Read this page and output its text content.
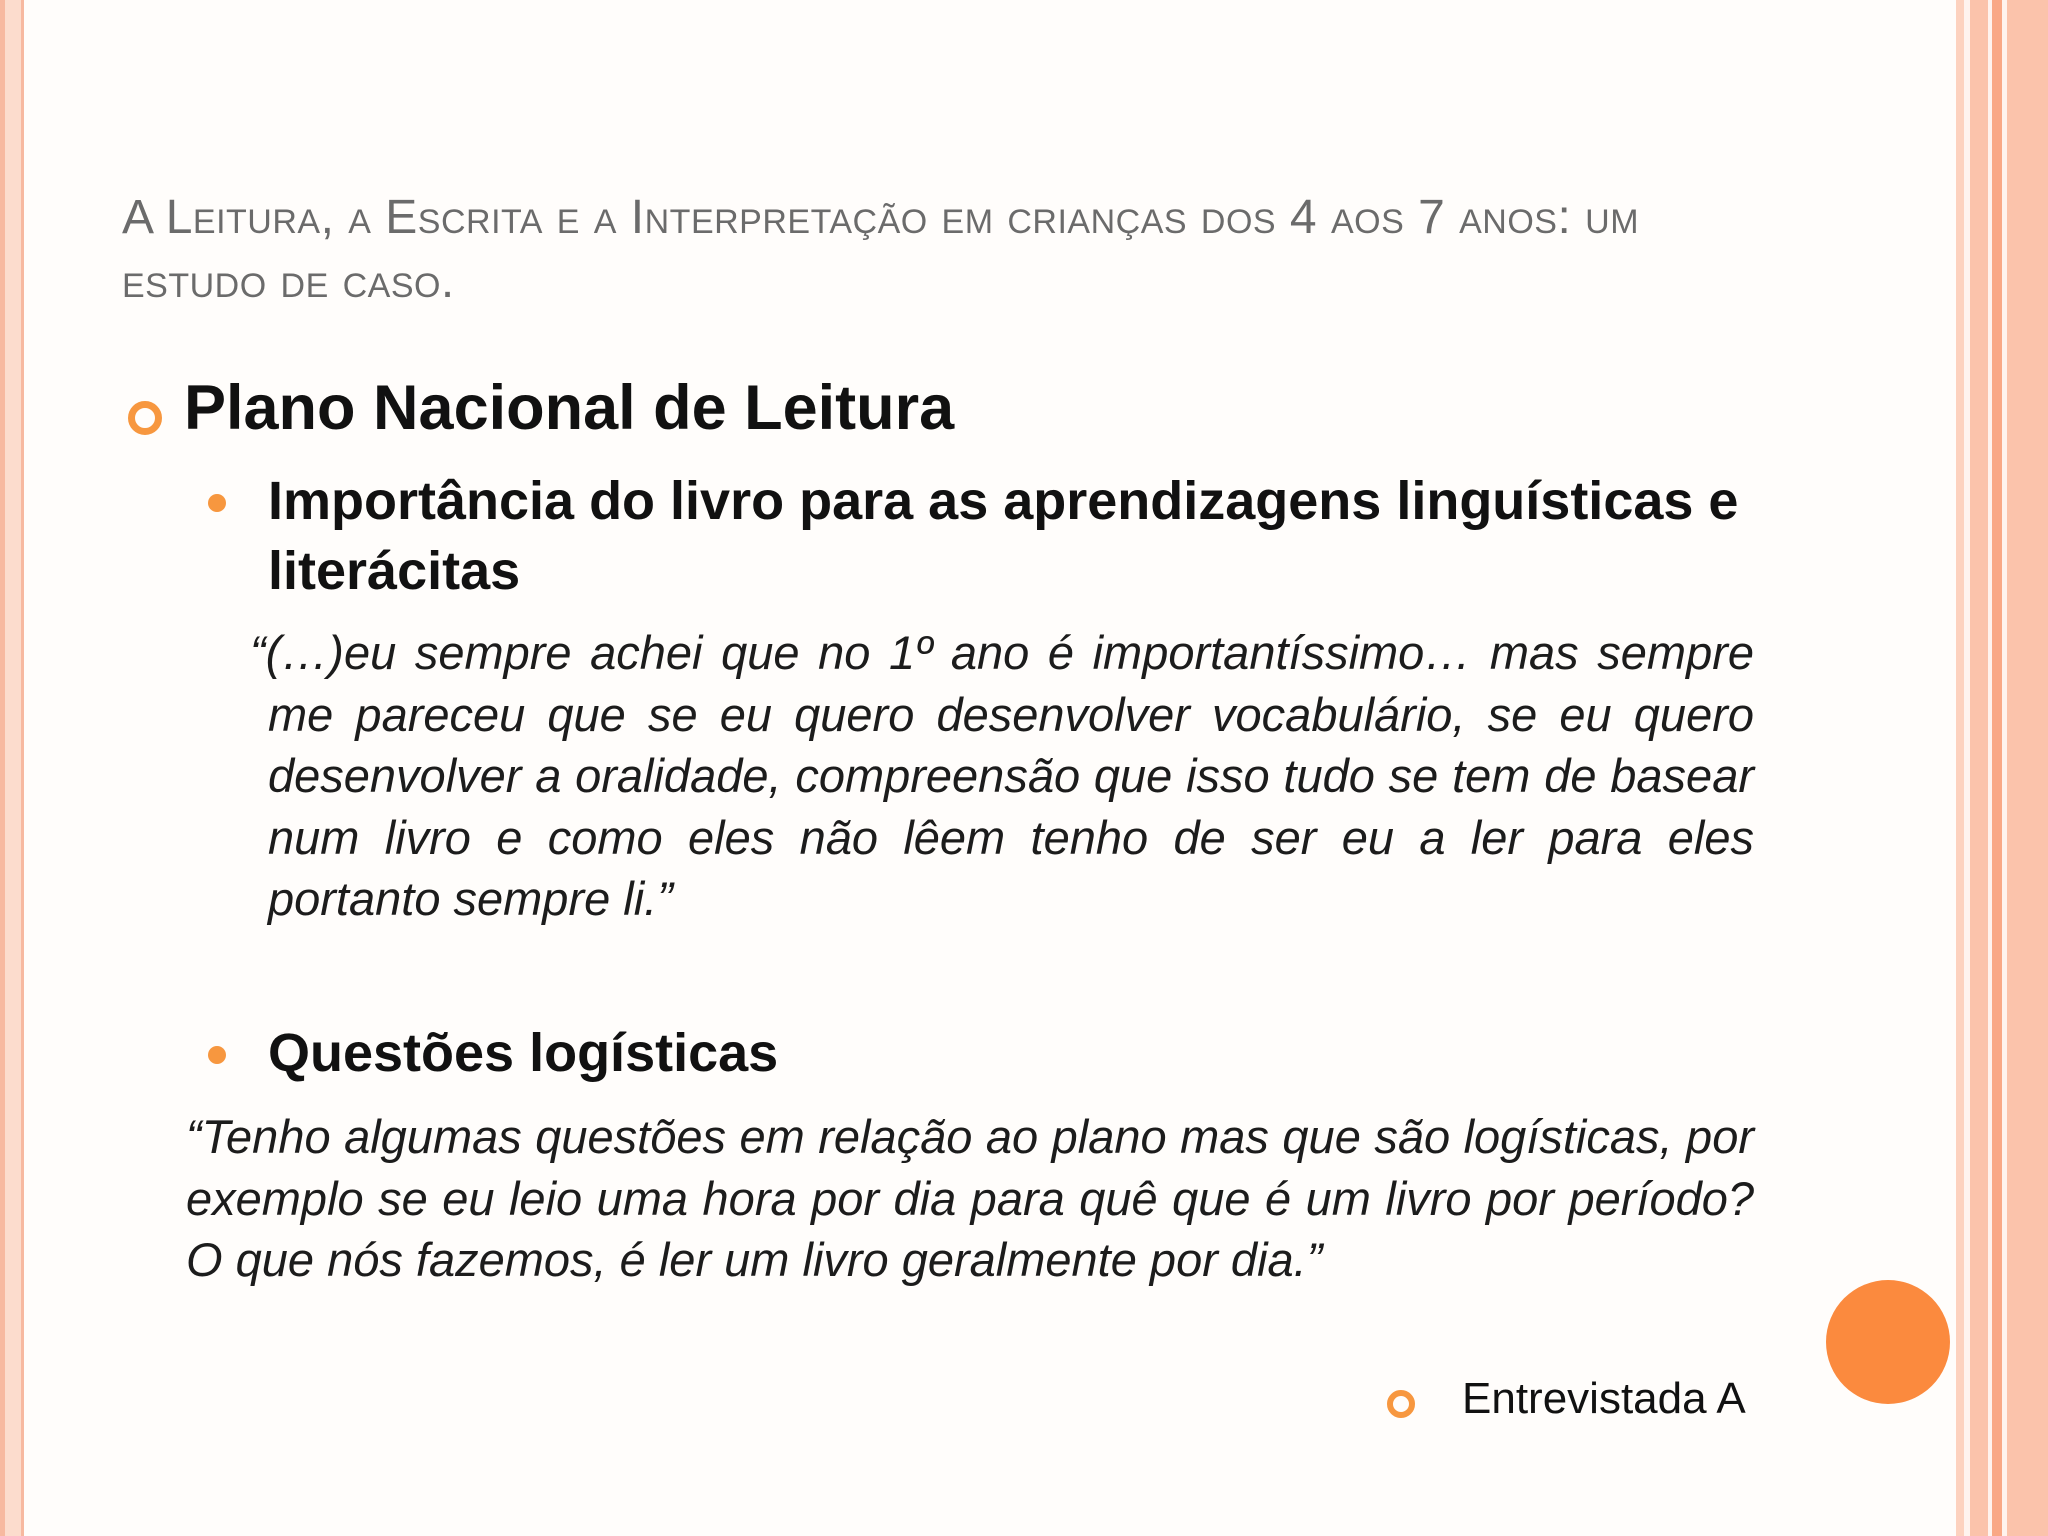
A Leitura, a Escrita e a Interpretação em crianças dos 4 aos 7 anos: um estudo de caso.
Plano Nacional de Leitura
Importância do livro para as aprendizagens linguísticas e literácitas
“(…)eu sempre achei que no 1º ano é importantíssimo… mas sempre me pareceu que se eu quero desenvolver vocabulário, se eu quero desenvolver a oralidade, compreensão que isso tudo se tem de basear num livro e como eles não lêem tenho de ser eu a ler para eles portanto sempre li.”
Questões logísticas
“Tenho algumas questões em relação ao plano mas que são logísticas, por exemplo se eu leio uma hora por dia para quê que é um livro por período? O que nós fazemos, é ler um livro geralmente por dia.”
Entrevistada A
